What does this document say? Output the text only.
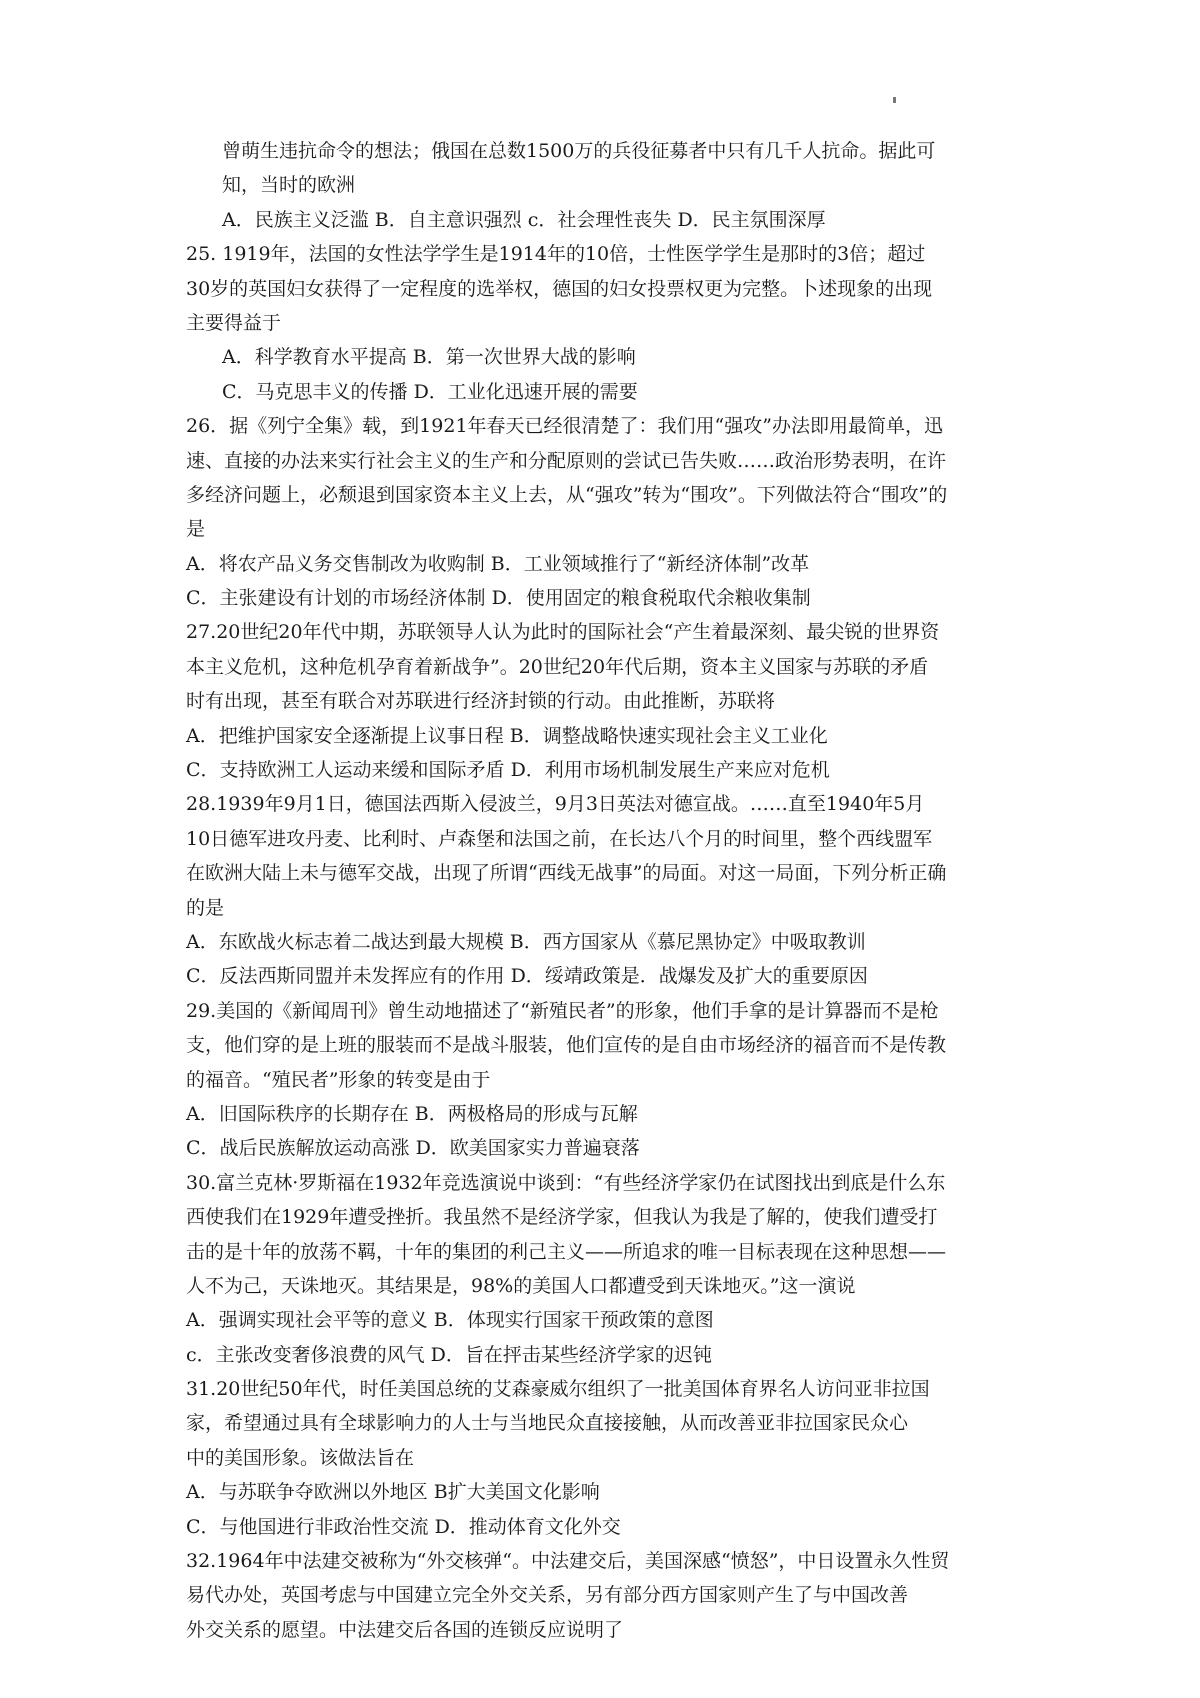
曾萌生违抗命令的想法；俄国在总数1500万的兵役征募者中只有几千人抗命。据此可
知，当时的欧洲
A．民族主义泛滥 B．自主意识强烈 c．社会理性丧失 D．民主氛围深厚
25. 1919年，法国的女性法学学生是1914年的10倍，士性医学学生是那时的3倍；超过
30岁的英国妇女获得了一定程度的选举权，德国的妇女投票权更为完整。卜述现象的出现
主要得益于
A．科学教育水平提高 B．第一次世界大战的影响
C．马克思丰义的传播 D．工业化迅速开展的需要
26．据《列宁全集》载，到1921年春天已经很清楚了：我们用“强攻”办法即用最简单，迅
速、直接的办法来实行社会主义的生产和分配原则的尝试已告失败……政治形势表明，在许
多经济问题上，必颓退到国家资本主义上去，从“强攻”转为“围攻”。下列做法符合“围攻”的
是
A．将农产品义务交售制改为收购制 B．工业领域推行了“新经济体制”改革
C．主张建设有计划的市场经济体制 D．使用固定的粮食税取代余粮收集制
27.20世纪20年代中期，苏联领导人认为此时的国际社会“产生着最深刻、最尖锐的世界资
本主义危机，这种危机孕育着新战争”。20世纪20年代后期，资本主义国家与苏联的矛盾
时有出现，甚至有联合对苏联进行经济封锁的行动。由此推断，苏联将
A．把维护国家安全逐渐提上议事日程 B．调整战略快速实现社会主义工业化
C．支持欧洲工人运动来缓和国际矛盾 D．利用市场机制发展生产来应对危机
28.1939年9月1日，德国法西斯入侵波兰，9月3日英法对德宣战。……直至1940年5月
10日德军进攻丹麦、比利时、卢森堡和法国之前，在长达八个月的时间里，整个西线盟军
在欧洲大陆上未与德军交战，出现了所谓“西线无战事”的局面。对这一局面，下列分析正确
的是
A．东欧战火标志着二战达到最大规模 B．西方国家从《慕尼黑协定》中吸取教训
C．反法西斯同盟并未发挥应有的作用 D．绥靖政策是．战爆发及扩大的重要原因
29.美国的《新闻周刊》曾生动地描述了“新殖民者”的形象，他们手拿的是计算器而不是枪
支，他们穿的是上班的服装而不是战斗服装，他们宣传的是自由市场经济的福音而不是传教
的福音。“殖民者”形象的转变是由于
A．旧国际秩序的长期存在 B．两极格局的形成与瓦解
C．战后民族解放运动高涨 D．欧美国家实力普遍衰落
30.富兰克林·罗斯福在1932年竞选演说中谈到：“有些经济学家仍在试图找出到底是什么东
西使我们在1929年遭受挫折。我虽然不是经济学家，但我认为我是了解的，使我们遭受打
击的是十年的放荡不羁，十年的集团的利己主义——所追求的唯一目标表现在这种思想——
人不为己，天诛地灭。其结果是，98%的美国人口都遭受到天诛地灭。”这一演说
A．强调实现社会平等的意义 B．体现实行国家干预政策的意图
c．主张改变奢侈浪费的风气 D．旨在抨击某些经济学家的迟钝
31.20世纪50年代，时任美国总统的艾森豪威尔组织了一批美国体育界名人访问亚非拉国
家，希望通过具有全球影响力的人士与当地民众直接接触，从而改善亚非拉国家民众心
中的美国形象。该做法旨在
A．与苏联争夺欧洲以外地区 B扩大美国文化影响
C．与他国进行非政治性交流 D．推动体育文化外交
32.1964年中法建交被称为“外交核弹“。中法建交后，美国深感“愤怒”，中日设置永久性贸
易代办处，英国考虑与中国建立完全外交关系，另有部分西方国家则产生了与中国改善
外交关系的愿望。中法建交后各国的连锁反应说明了
